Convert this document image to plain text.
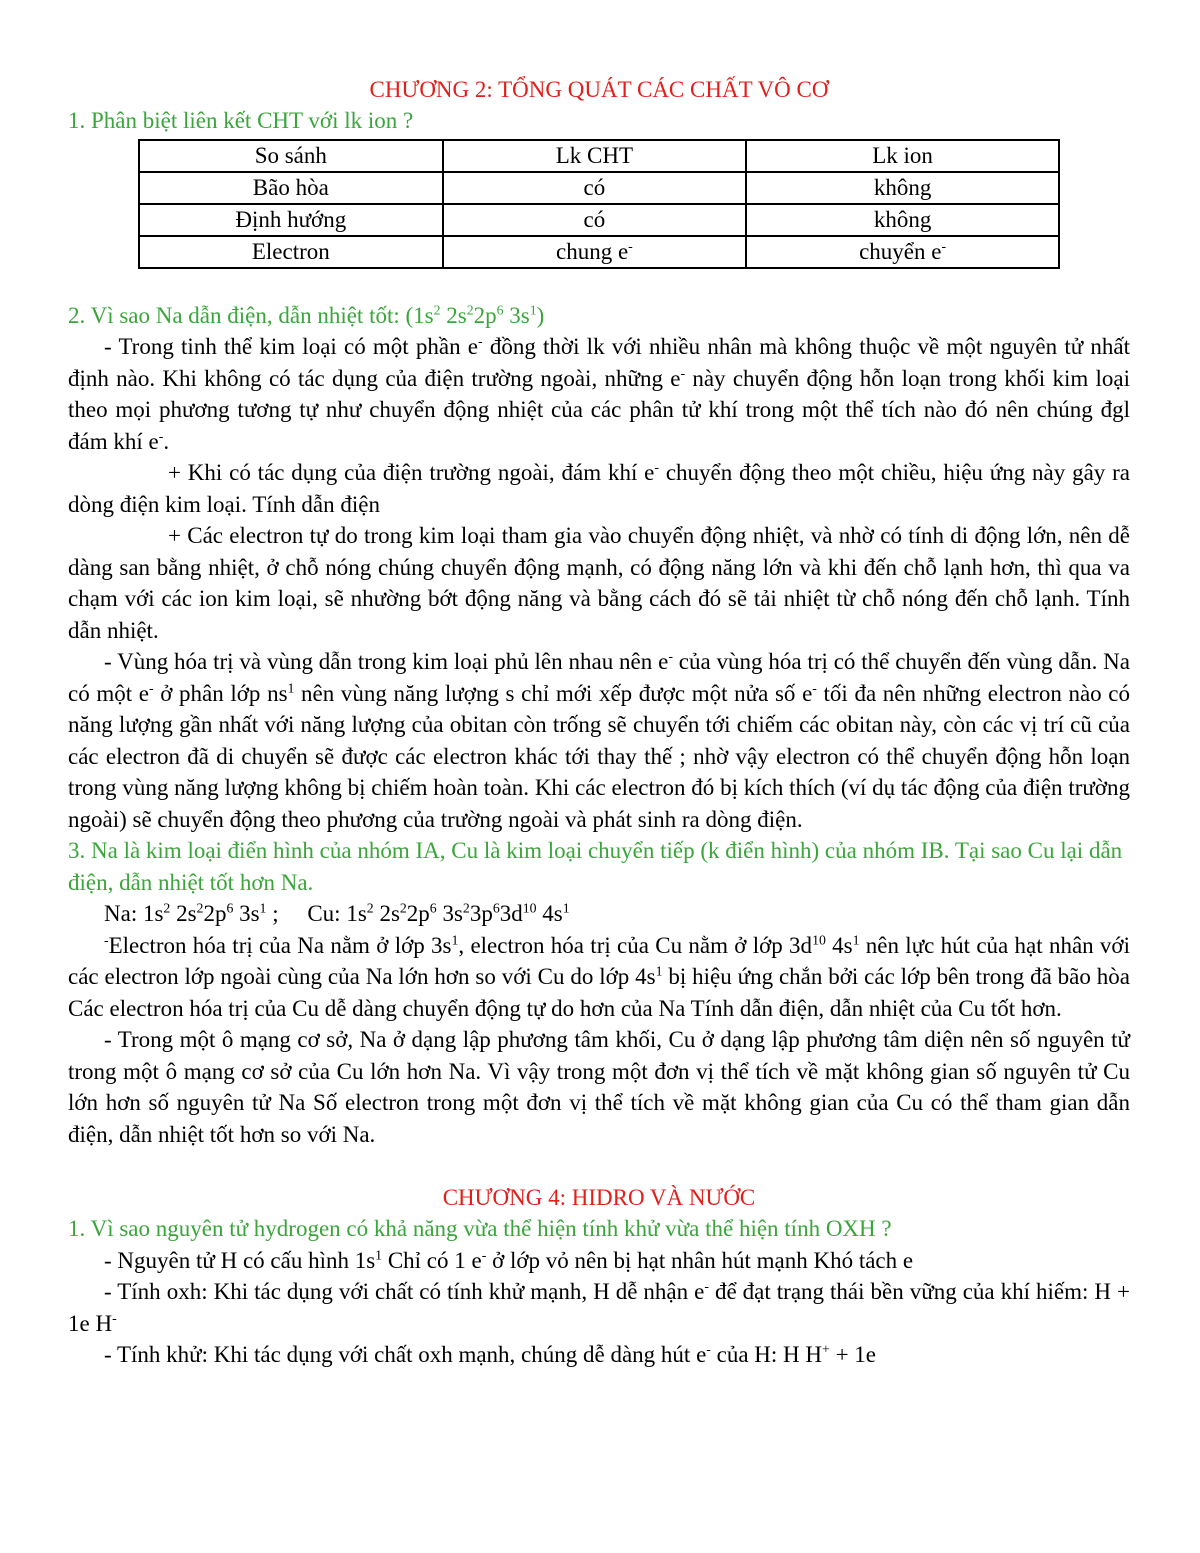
CHƯƠNG 2: TỔNG QUÁT CÁC CHẤT VÔ CƠ
1. Phân biệt liên kết CHT với lk ion ?
So sánh	Lk CHT	Lk ion
Bão hòa	có	không
Định hướng	có	không
Electron	chung e-	chuyển e-
2. Vì sao Na dẫn điện, dẫn nhiệt tốt: ($1s^2$ $2s^22p^6$ $3s^1$)
- Trong tinh thể kim loại có một phần e- đồng thời lk với nhiều nhân mà không thuộc về một nguyên tử nhất định nào. Khi không có tác dụng của điện trường ngoài, những e- này chuyển động hỗn loạn trong khối kim loại theo mọi phương tương tự như chuyển động nhiệt của các phân tử khí trong một thể tích nào đó nên chúng đgl đám khí e-.
+ Khi có tác dụng của điện trường ngoài, đám khí e- chuyển động theo một chiều, hiệu ứng này gây ra dòng điện kim loại. Tính dẫn điện
+ Các electron tự do trong kim loại tham gia vào chuyển động nhiệt, và nhờ có tính di động lớn, nên dễ dàng san bằng nhiệt, ở chỗ nóng chúng chuyển động mạnh, có động năng lớn và khi đến chỗ lạnh hơn, thì qua va chạm với các ion kim loại, sẽ nhường bớt động năng và bằng cách đó sẽ tải nhiệt từ chỗ nóng đến chỗ lạnh. Tính dẫn nhiệt.
- Vùng hóa trị và vùng dẫn trong kim loại phủ lên nhau nên e- của vùng hóa trị có thể chuyển đến vùng dẫn. Na có một e- ở phân lớp $ns^1$ nên vùng năng lượng s chỉ mới xếp được một nửa số e- tối đa nên những electron nào có năng lượng gần nhất với năng lượng của obitan còn trống sẽ chuyển tới chiếm các obitan này, còn các vị trí cũ của các electron đã di chuyển sẽ được các electron khác tới thay thế ; nhờ vậy electron có thể chuyển động hỗn loạn trong vùng năng lượng không bị chiếm hoàn toàn. Khi các electron đó bị kích thích (ví dụ tác động của điện trường ngoài) sẽ chuyển động theo phương của trường ngoài và phát sinh ra dòng điện.
3. Na là kim loại điển hình của nhóm IA, Cu là kim loại chuyển tiếp (k điển hình) của nhóm IB. Tại sao Cu lại dẫn điện, dẫn nhiệt tốt hơn Na.
Na: $1s^2$ $2s^22p^6$ $3s^1$ ;     Cu: $1s^2$ $2s^22p^6$ $3s^23p^63d^{10}$ $4s^1$
-Electron hóa trị của Na nằm ở lớp $3s^1$, electron hóa trị của Cu nằm ở lớp $3d^{10}$ $4s^1$ nên lực hút của hạt nhân với các electron lớp ngoài cùng của Na lớn hơn so với Cu do lớp $4s^1$ bị hiệu ứng chắn bởi các lớp bên trong đã bão hòa Các electron hóa trị của Cu dễ dàng chuyển động tự do hơn của Na Tính dẫn điện, dẫn nhiệt của Cu tốt hơn.
- Trong một ô mạng cơ sở, Na ở dạng lập phương tâm khối, Cu ở dạng lập phương tâm diện nên số nguyên tử trong một ô mạng cơ sở của Cu lớn hơn Na. Vì vậy trong một đơn vị thể tích về mặt không gian số nguyên tử Cu lớn hơn số nguyên tử Na Số electron trong một đơn vị thể tích về mặt không gian của Cu có thể tham gian dẫn điện, dẫn nhiệt tốt hơn so với Na.
CHƯƠNG 4: HIDRO VÀ NƯỚC
1. Vì sao nguyên tử hydrogen có khả năng vừa thể hiện tính khử vừa thể hiện tính OXH ?
- Nguyên tử H có cấu hình $1s^1$ Chỉ có 1 e- ở lớp vỏ nên bị hạt nhân hút mạnh Khó tách e
- Tính oxh: Khi tác dụng với chất có tính khử mạnh, H dễ nhận e- để đạt trạng thái bền vững của khí hiếm: H + 1e H-
- Tính khử: Khi tác dụng với chất oxh mạnh, chúng dễ dàng hút e- của H: H H+ + 1e
